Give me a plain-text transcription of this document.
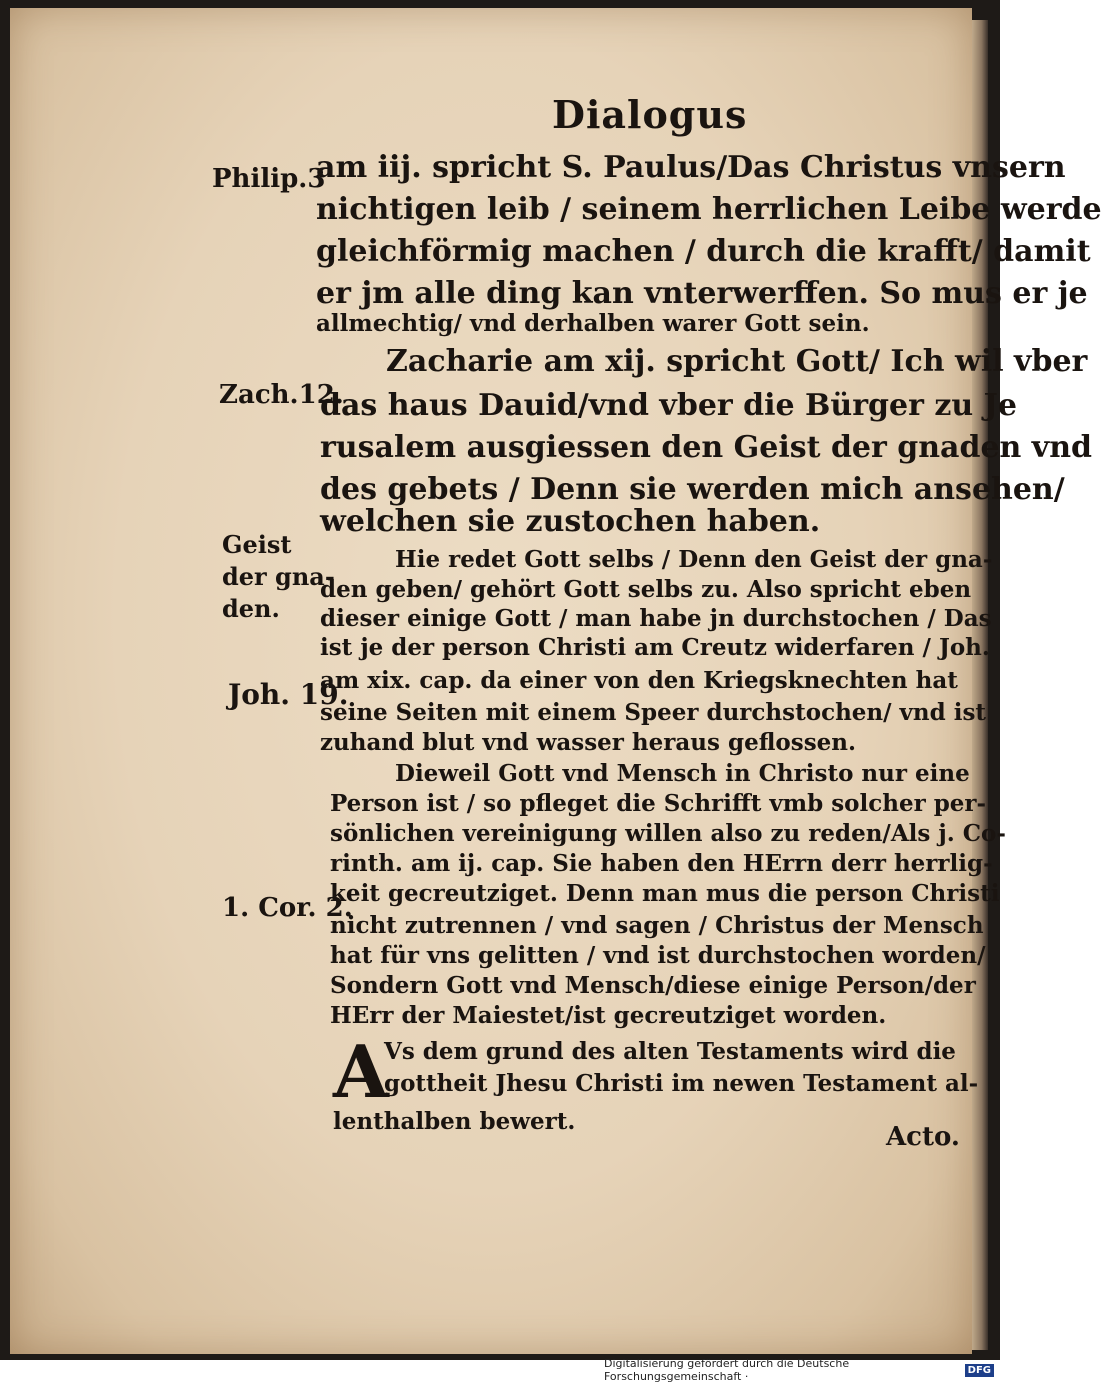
Dialogus
Philip.3
Zach.12.
Geist
der gna-
den.
Joh. 19.
1. Cor. 2.
am iij. spricht S. Paulus/Das Christus vnsern
nichtigen leib / seinem herrlichen Leibe werde
gleichförmig machen / durch die krafft/ damit
er jm alle ding kan vnterwerffen. So mus er je
allmechtig/ vnd derhalben warer Gott sein.
Zacharie am xij. spricht Gott/ Ich wil vber
das haus Dauid/vnd vber die Bürger zu Je
rusalem ausgiessen den Geist der gnaden vnd
des gebets / Denn sie werden mich ansehen/
welchen sie zustochen haben.
Hie redet Gott selbs / Denn den Geist der gna-
den geben/ gehört Gott selbs zu. Also spricht eben
dieser einige Gott / man habe jn durchstochen / Das
ist je der person Christi am Creutz widerfaren / Joh.
am xix. cap. da einer von den Kriegsknechten hat
seine Seiten mit einem Speer durchstochen/ vnd ist
zuhand blut vnd wasser heraus geflossen.
Dieweil Gott vnd Mensch in Christo nur eine
Person ist / so pfleget die Schrifft vmb solcher per-
sönlichen vereinigung willen also zu reden/Als j. Co-
rinth. am ij. cap. Sie haben den HErrn derr herrlig-
keit gecreutziget. Denn man mus die person Christi
nicht zutrennen / vnd sagen / Christus der Mensch
hat für vns gelitten / vnd ist durchstochen worden/
Sondern Gott vnd Mensch/diese einige Person/der
HErr der Maiestet/ist gecreutziget worden.
A
Vs dem grund des alten Testaments wird die
gottheit Jhesu Christi im newen Testament al-
lenthalben bewert.
Acto.
Digitalisierung gefördert durch die Deutsche Forschungsgemeinschaft ·	DFG
